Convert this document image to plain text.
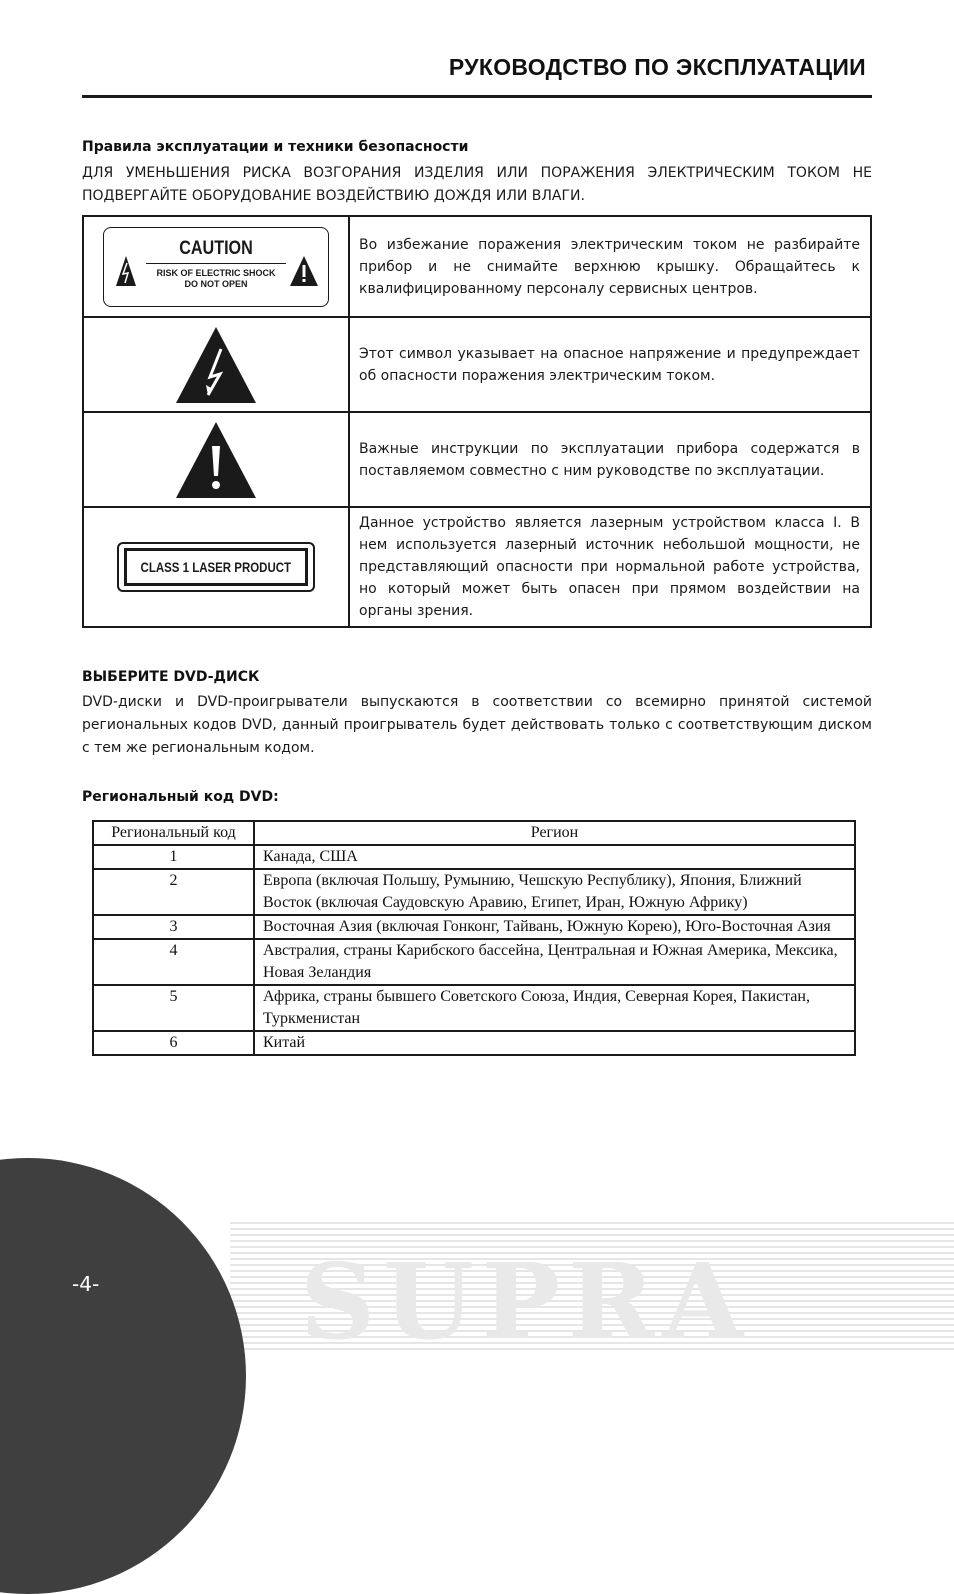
РУКОВОДСТВО ПО ЭКСПЛУАТАЦИИ
Правила эксплуатации и техники безопасности
ДЛЯ УМЕНЬШЕНИЯ РИСКА ВОЗГОРАНИЯ ИЗДЕЛИЯ ИЛИ ПОРАЖЕНИЯ ЭЛЕКТРИЧЕСКИМ ТОКОМ НЕ ПОДВЕРГАЙТЕ ОБОРУДОВАНИЕ ВОЗДЕЙСТВИЮ ДОЖДЯ ИЛИ ВЛАГИ.
CAUTION
RISK OF ELECTRIC SHOCK
DO NOT OPEN
Во избежание поражения электрическим током не разбирайте прибор и не снимайте верхнюю крышку. Обращайтесь к квалифицированному персоналу сервисных центров.
Этот символ указывает на опасное напряжение и предупреждает об опасности поражения электрическим током.
Важные инструкции по эксплуатации прибора содержатся в поставляемом совместно с ним руководстве по эксплуатации.
CLASS 1 LASER PRODUCT
Данное устройство является лазерным устройством класса I. В нем используется лазерный источник небольшой мощности, не представляющий опасности при нормальной работе устройства, но который может быть опасен при прямом воздействии на органы зрения.
ВЫБЕРИТЕ DVD-ДИСК
DVD-диски и DVD-проигрыватели выпускаются в соответствии со всемирно принятой системой региональных кодов DVD, данный проигрыватель будет действовать только с соответствующим диском с тем же региональным кодом.
Региональный код DVD:
Региональный код	Регион
1	Канада, США
2	Европа (включая Польшу, Румынию, Чешскую Республику), Япония, Ближний Восток (включая Саудовскую Аравию, Египет, Иран, Южную Африку)
3	Восточная Азия (включая Гонконг, Тайвань, Южную Корею), Юго-Восточная Азия
4	Австралия, страны Карибского бассейна, Центральная и Южная Америка, Мексика, Новая Зеландия
5	Африка, страны бывшего Советского Союза, Индия, Северная Корея, Пакистан, Туркменистан
6	Китай
SUPRA
-4-
